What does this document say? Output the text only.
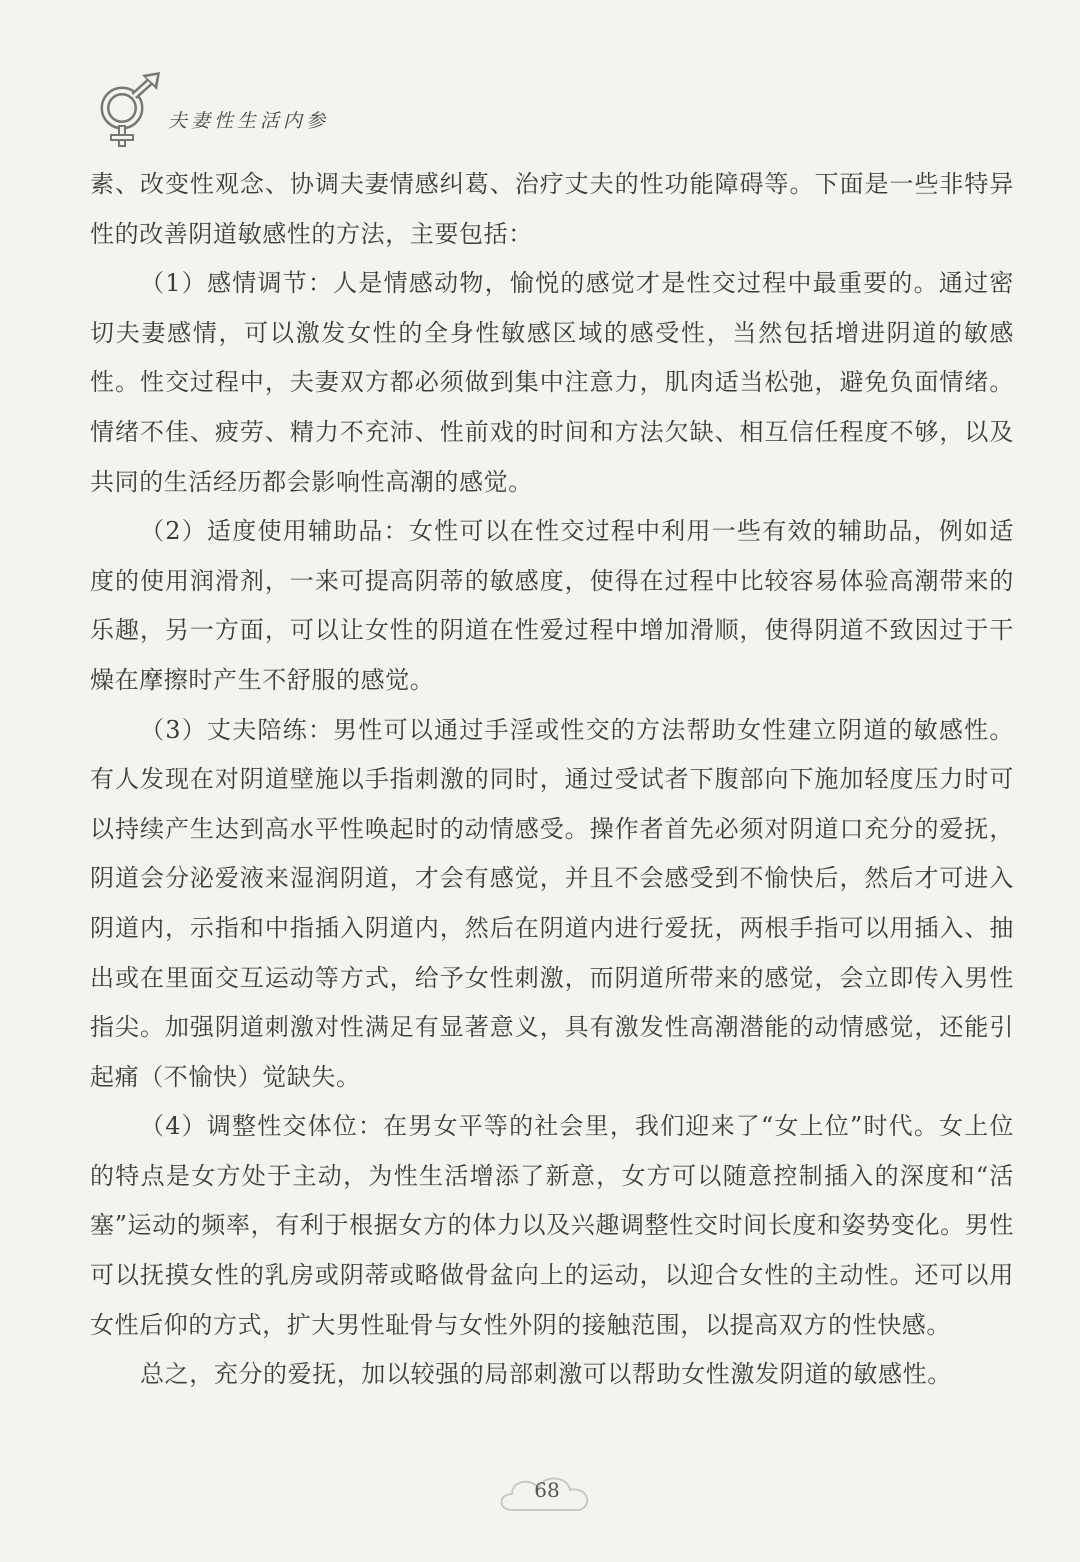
夫妻性生活内参

素、改变性观念、协调夫妻情感纠葛、治疗丈夫的性功能障碍等。下面是一些非特异性的改善阴道敏感性的方法，主要包括：

（1）感情调节：人是情感动物，愉悦的感觉才是性交过程中最重要的。通过密切夫妻感情，可以激发女性的全身性敏感区域的感受性，当然包括增进阴道的敏感性。性交过程中，夫妻双方都必须做到集中注意力，肌肉适当松弛，避免负面情绪。情绪不佳、疲劳、精力不充沛、性前戏的时间和方法欠缺、相互信任程度不够，以及共同的生活经历都会影响性高潮的感觉。

（2）适度使用辅助品：女性可以在性交过程中利用一些有效的辅助品，例如适度的使用润滑剂，一来可提高阴蒂的敏感度，使得在过程中比较容易体验高潮带来的乐趣，另一方面，可以让女性的阴道在性爱过程中增加滑顺，使得阴道不致因过于干燥在摩擦时产生不舒服的感觉。

（3）丈夫陪练：男性可以通过手淫或性交的方法帮助女性建立阴道的敏感性。有人发现在对阴道壁施以手指刺激的同时，通过受试者下腹部向下施加轻度压力时可以持续产生达到高水平性唤起时的动情感受。操作者首先必须对阴道口充分的爱抚，阴道会分泌爱液来湿润阴道，才会有感觉，并且不会感受到不愉快后，然后才可进入阴道内，示指和中指插入阴道内，然后在阴道内进行爱抚，两根手指可以用插入、抽出或在里面交互运动等方式，给予女性刺激，而阴道所带来的感觉，会立即传入男性指尖。加强阴道刺激对性满足有显著意义，具有激发性高潮潜能的动情感觉，还能引起痛（不愉快）觉缺失。

（4）调整性交体位：在男女平等的社会里，我们迎来了“女上位”时代。女上位的特点是女方处于主动，为性生活增添了新意，女方可以随意控制插入的深度和“活塞”运动的频率，有利于根据女方的体力以及兴趣调整性交时间长度和姿势变化。男性可以抚摸女性的乳房或阴蒂或略做骨盆向上的运动，以迎合女性的主动性。还可以用女性后仰的方式，扩大男性耻骨与女性外阴的接触范围，以提高双方的性快感。

总之，充分的爱抚，加以较强的局部刺激可以帮助女性激发阴道的敏感性。

68
